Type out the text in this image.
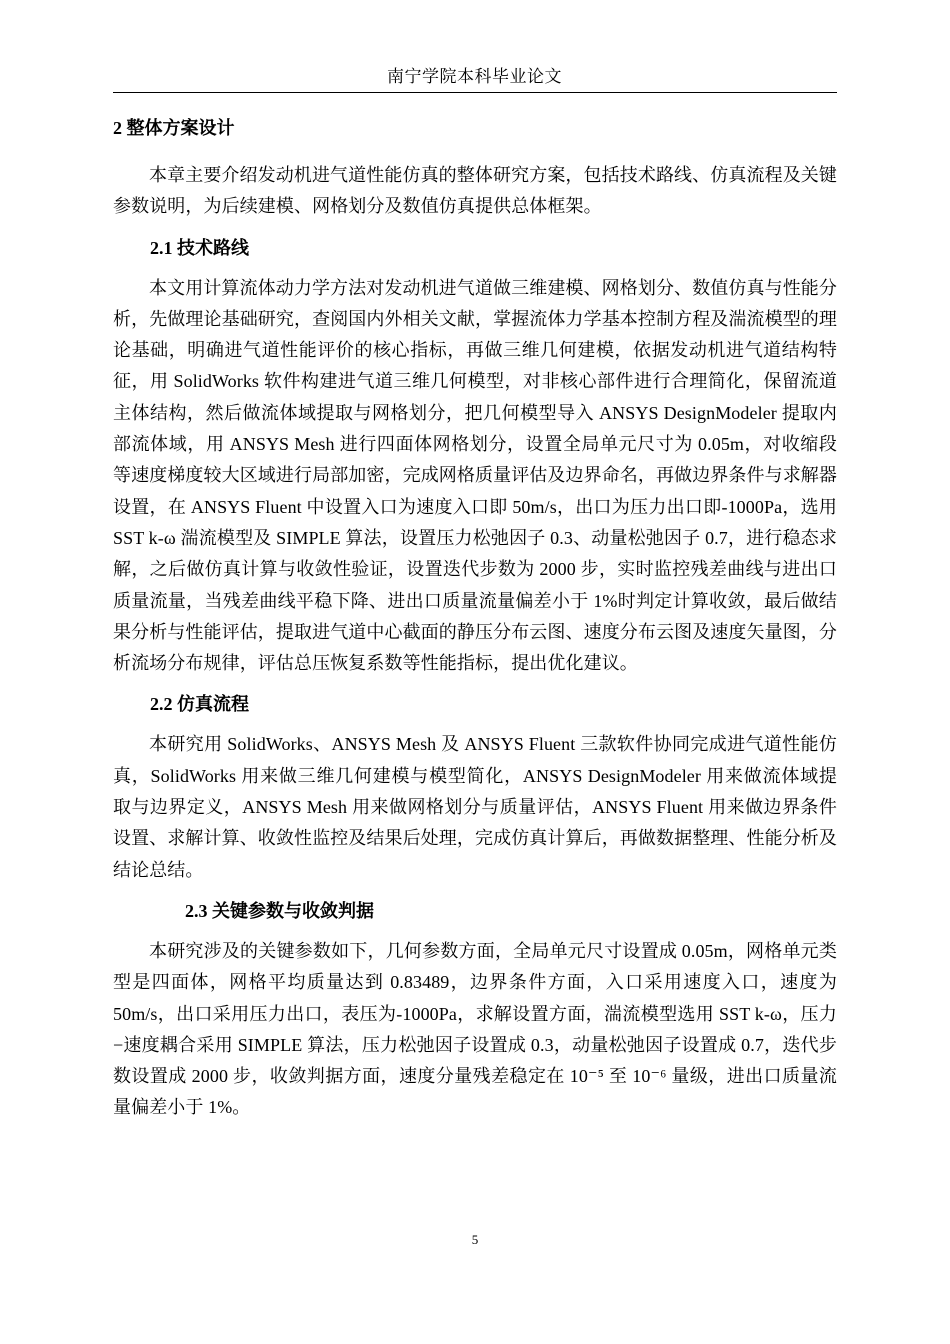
南宁学院本科毕业论文
2 整体方案设计

本章主要介绍发动机进气道性能仿真的整体研究方案，包括技术路线、仿真流程及关键参数说明，为后续建模、网格划分及数值仿真提供总体框架。

2.1 技术路线

本文用计算流体动力学方法对发动机进气道做三维建模、网格划分、数值仿真与性能分析，先做理论基础研究，查阅国内外相关文献，掌握流体力学基本控制方程及湍流模型的理论基础，明确进气道性能评价的核心指标，再做三维几何建模，依据发动机进气道结构特征，用 SolidWorks 软件构建进气道三维几何模型，对非核心部件进行合理简化，保留流道主体结构，然后做流体域提取与网格划分，把几何模型导入 ANSYS DesignModeler 提取内部流体域，用 ANSYS Mesh 进行四面体网格划分，设置全局单元尺寸为 0.05m，对收缩段等速度梯度较大区域进行局部加密，完成网格质量评估及边界命名，再做边界条件与求解器设置，在 ANSYS Fluent 中设置入口为速度入口即 50m/s，出口为压力出口即-1000Pa，选用 SST k-ω 湍流模型及 SIMPLE 算法，设置压力松弛因子 0.3、动量松弛因子 0.7，进行稳态求解，之后做仿真计算与收敛性验证，设置迭代步数为 2000 步，实时监控残差曲线与进出口质量流量，当残差曲线平稳下降、进出口质量流量偏差小于 1%时判定计算收敛，最后做结果分析与性能评估，提取进气道中心截面的静压分布云图、速度分布云图及速度矢量图，分析流场分布规律，评估总压恢复系数等性能指标，提出优化建议。

2.2 仿真流程

本研究用 SolidWorks、ANSYS Mesh 及 ANSYS Fluent 三款软件协同完成进气道性能仿真，SolidWorks 用来做三维几何建模与模型简化，ANSYS DesignModeler 用来做流体域提取与边界定义，ANSYS Mesh 用来做网格划分与质量评估，ANSYS Fluent 用来做边界条件设置、求解计算、收敛性监控及结果后处理，完成仿真计算后，再做数据整理、性能分析及结论总结。

2.3 关键参数与收敛判据

本研究涉及的关键参数如下，几何参数方面，全局单元尺寸设置成 0.05m，网格单元类型是四面体，网格平均质量达到 0.83489，边界条件方面，入口采用速度入口，速度为 50m/s，出口采用压力出口，表压为-1000Pa，求解设置方面，湍流模型选用 SST k-ω，压力−速度耦合采用 SIMPLE 算法，压力松弛因子设置成 0.3，动量松弛因子设置成 0.7，迭代步数设置成 2000 步，收敛判据方面，速度分量残差稳定在 10⁻⁵ 至 10⁻⁶ 量级，进出口质量流量偏差小于 1%。

5
